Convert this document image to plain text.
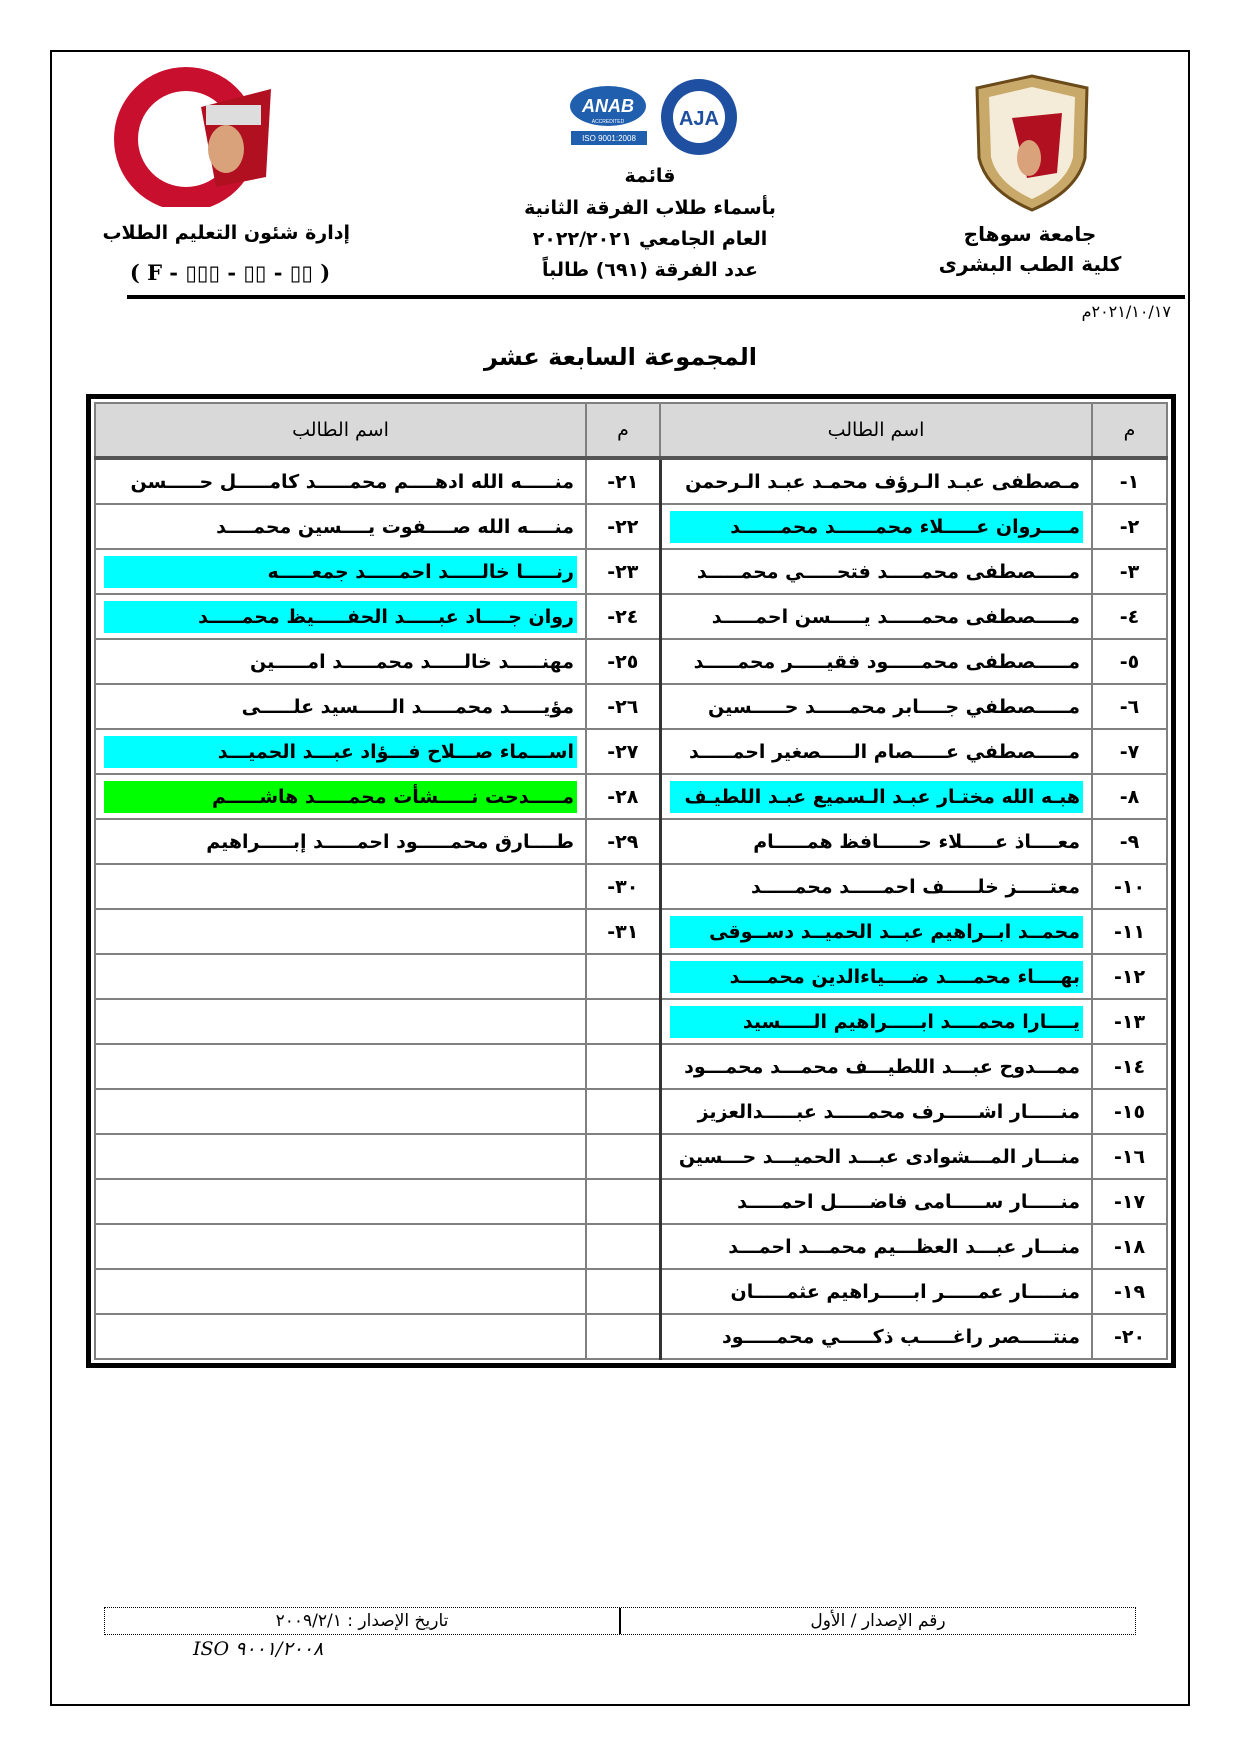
إدارة شئون التعليم الطلاب
( F - ▯▯▯ - ▯▯ - ▯▯ )
ANAB
ACCREDITED
ISO 9001:2008
AJA
قائمة
بأسماء طلاب الفرقة الثانية
العام الجامعي ٢٠٢٢/٢٠٢١
عدد الفرقة (٦٩١) طالباً
جامعة سوهاج
كلية الطب البشرى
٢٠٢١/١٠/١٧م
المجموعة السابعة عشر
م	اسم الطالب	م	اسم الطالب
١-	مـصطفى عبـد الـرؤف محمـد عبـد الـرحمن	٢١-	منـــــه الله ادهــــم محمـــــد كامـــــل حـــــسن

٢-	مــــروان عـــــلاء محمــــــد محمــــــد	٢٢-	منــــه الله صــــفوت يــــسين محمــــد

٣-	مـــــصطفى محمـــــد فتحـــــي محمـــــد	٢٣-	رنـــــا خالـــــد احمـــــد جمعـــــه

٤-	مـــــصطفى محمـــــد يـــــسن احمـــــد	٢٤-	روان جــــاد عبـــــد الحفـــــيظ محمـــــد

٥-	مـــــصطفى محمـــــود فقيـــــر محمـــــد	٢٥-	مهنـــــد خالـــــد محمـــــد امـــــين

٦-	مـــــصطفي جــــابر محمـــــد حـــــسين	٢٦-	مؤيـــــد محمـــــد الـــــسيد علـــــى

٧-	مـــــصطفي عـــــصام الـــــصغير احمـــــد	٢٧-	اســـماء صـــلاح فـــؤاد عبـــد الحميـــد

٨-	هبـه الله مختـار عبـد الـسميع عبـد اللطيـف	٢٨-	مـــــدحت نـــــشأت محمـــــد هاشـــــم

٩-	معــــاذ عـــــلاء حــــــافظ همـــــام	٢٩-	طــــارق محمـــــود احمـــــد إبـــــراهيم

١٠-	معتـــــز خلـــــف احمـــــد محمـــــد	٣٠-	

١١-	محمــد ابــراهيم عبــد الحميــد دســوقى	٣١-	

١٢-	بهــــاء محمــــد ضــــياءالدين محمــــد		

١٣-	يــــارا محمــــد ابـــــراهيم الـــــسيد		

١٤-	ممـــدوح عبـــد اللطيـــف محمـــد محمـــود		

١٥-	منـــــار اشـــــرف محمـــــد عبـــــدالعزيز		

١٦-	منـــار المـــشوادى عبـــد الحميـــد حـــسين		

١٧-	منـــــار ســـــامى فاضـــــل احمـــــد		

١٨-	منـــار عبـــد العظـــيم محمـــد احمـــد		

١٩-	منـــــار عمـــــر ابـــــراهيم عثمـــــان		

٢٠-	منتـــــصر راغـــــب ذكـــــي محمـــــود		

رقم الإصدار / الأول
تاريخ الإصدار : ٢٠٠٩/٢/١
ISO ٩٠٠١/٢٠٠٨
